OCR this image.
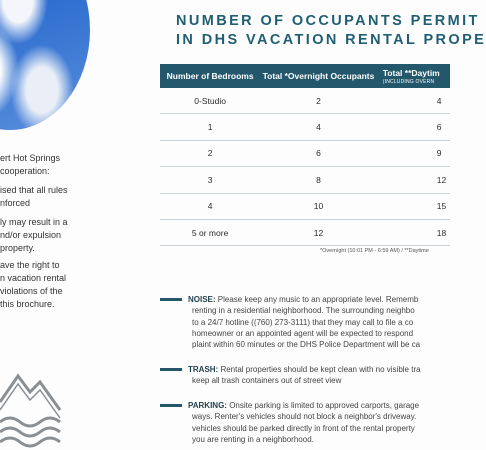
ert Hot Springs
cooperation:
ised that all rules
nforced
ly may result in a
nd/or expulsion
property.
ave the right to
n vacation rental
violations of the
this brochure.
NUMBER OF OCCUPANTS PERMIT
IN DHS VACATION RENTAL PROPE
Number of Bedrooms	Total *Overnight Occupants	Total **Daytim
(INCLUDING OVERN

0-Studio	2	4
1	4	6
2	6	9
3	8	12
4	10	15
5 or more	12	18
*Overnight (10:01 PM - 6:59 AM) / **Daytime
NOISE: Please keep any music to an appropriate level. Rememb
renting in a residential neighborhood. The surrounding neighbo
to a 24/7 hotline ((760) 273-3111) that they may call to file a co
homeowner or an appointed agent will be expected to respond
plaint within 60 minutes or the DHS Police Department will be ca
TRASH: Rental properties should be kept clean with no visible tra
keep all trash containers out of street view
PARKING: Onsite parking is limited to approved carports, garage
ways. Renter's vehicles should not block a neighbor's driveway.
vehicles should be parked directly in front of the rental property
you are renting in a neighborhood.
